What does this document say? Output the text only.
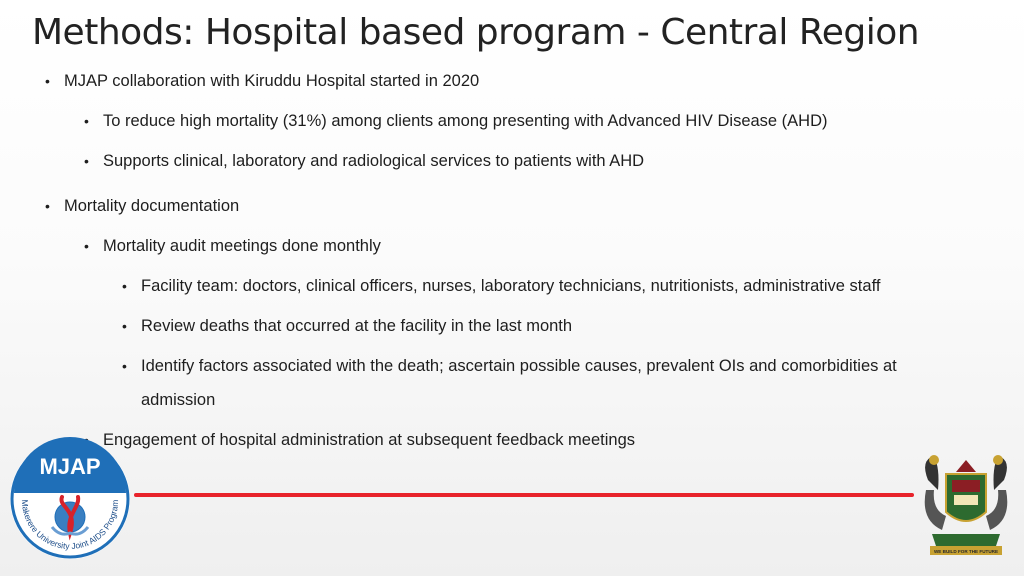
Methods: Hospital based program - Central Region
• MJAP collaboration with Kiruddu Hospital started in 2020
• To reduce high mortality (31%) among clients among presenting with Advanced HIV Disease (AHD)
• Supports clinical, laboratory and radiological services to patients with AHD
• Mortality documentation
• Mortality audit meetings done monthly
• Facility team: doctors, clinical officers, nurses, laboratory technicians, nutritionists, administrative staff
• Review deaths that occurred at the facility in the last month
• Identify factors associated with the death; ascertain possible causes, prevalent OIs and comorbidities at
admission
Engagement of hospital administration at subsequent feedback meetings
MJAP
Makerere University Joint AIDS Program
WE BUILD FOR THE FUTURE
